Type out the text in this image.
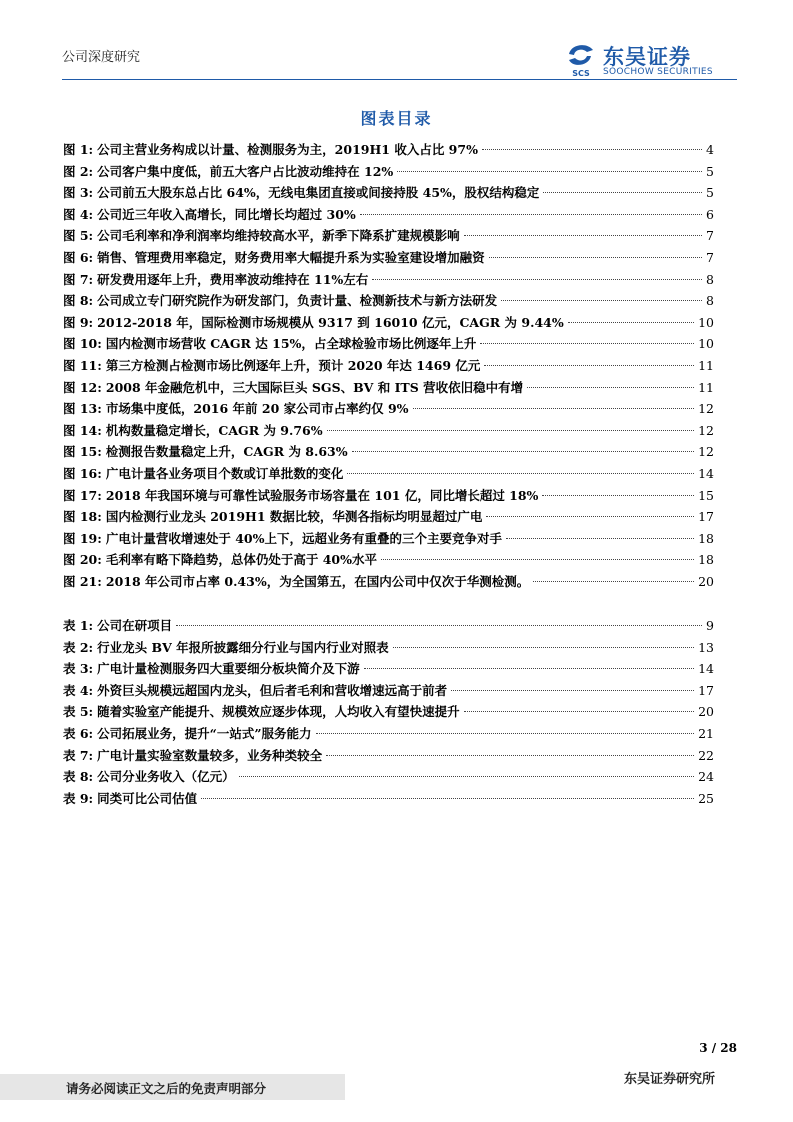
公司深度研究
SCS
东吴证券
SOOCHOW SECURITIES
图表目录
图 1: 公司主营业务构成以计量、检测服务为主，2019H1 收入占比 97%	4
图 2: 公司客户集中度低，前五大客户占比波动维持在 12%	5
图 3: 公司前五大股东总占比 64%，无线电集团直接或间接持股 45%，股权结构稳定	5
图 4: 公司近三年收入高增长，同比增长均超过 30%	6
图 5: 公司毛利率和净利润率均维持较高水平，新季下降系扩建规模影响	7
图 6: 销售、管理费用率稳定，财务费用率大幅提升系为实验室建设增加融资	7
图 7: 研发费用逐年上升，费用率波动维持在 11%左右	8
图 8: 公司成立专门研究院作为研发部门，负责计量、检测新技术与新方法研发	8
图 9: 2012-2018 年，国际检测市场规模从 9317 到 16010 亿元，CAGR 为 9.44%	10
图 10: 国内检测市场营收 CAGR 达 15%，占全球检验市场比例逐年上升	10
图 11: 第三方检测占检测市场比例逐年上升，预计 2020 年达 1469 亿元	11
图 12: 2008 年金融危机中，三大国际巨头 SGS、BV 和 ITS 营收依旧稳中有增	11
图 13: 市场集中度低，2016 年前 20 家公司市占率约仅 9%	12
图 14: 机构数量稳定增长，CAGR 为 9.76%	12
图 15: 检测报告数量稳定上升，CAGR 为 8.63%	12
图 16: 广电计量各业务项目个数或订单批数的变化	14
图 17: 2018 年我国环境与可靠性试验服务市场容量在 101 亿，同比增长超过 18%	15
图 18: 国内检测行业龙头 2019H1 数据比较，华测各指标均明显超过广电	17
图 19: 广电计量营收增速处于 40%上下，远超业务有重叠的三个主要竞争对手	18
图 20: 毛利率有略下降趋势，总体仍处于高于 40%水平	18
图 21: 2018 年公司市占率 0.43%，为全国第五，在国内公司中仅次于华测检测。	20
表 1: 公司在研项目	9
表 2: 行业龙头 BV 年报所披露细分行业与国内行业对照表	13
表 3: 广电计量检测服务四大重要细分板块简介及下游	14
表 4: 外资巨头规模远超国内龙头，但后者毛利和营收增速远高于前者	17
表 5: 随着实验室产能提升、规模效应逐步体现，人均收入有望快速提升	20
表 6: 公司拓展业务，提升“一站式”服务能力	21
表 7: 广电计量实验室数量较多，业务种类较全	22
表 8: 公司分业务收入（亿元）	24
表 9: 同类可比公司估值	25
3 / 28
请务必阅读正文之后的免责声明部分
东吴证券研究所
